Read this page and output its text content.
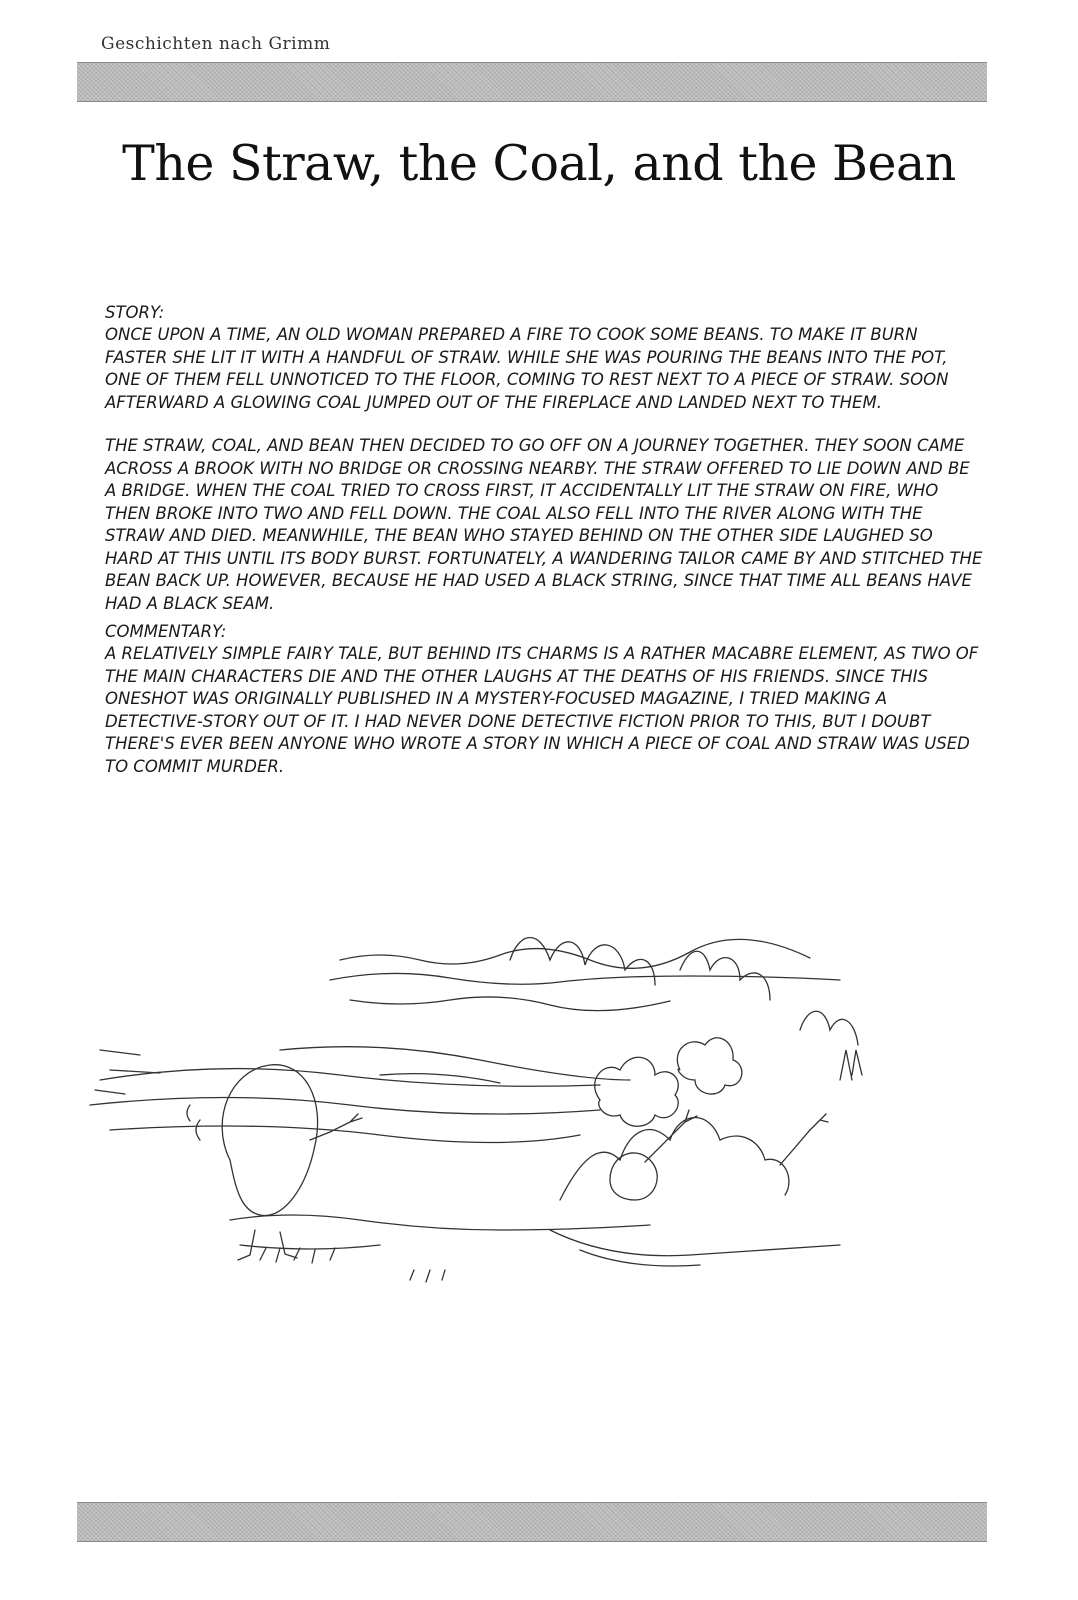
Geschichten nach Grimm
The Straw, the Coal, and the Bean

STORY:

ONCE UPON A TIME, AN OLD WOMAN PREPARED A FIRE TO COOK SOME BEANS. TO MAKE IT BURN FASTER SHE LIT IT WITH A HANDFUL OF STRAW. WHILE SHE WAS POURING THE BEANS INTO THE POT, ONE OF THEM FELL UNNOTICED TO THE FLOOR, COMING TO REST NEXT TO A PIECE OF STRAW. SOON AFTERWARD A GLOWING COAL JUMPED OUT OF THE FIREPLACE AND LANDED NEXT TO THEM.

THE STRAW, COAL, AND BEAN THEN DECIDED TO GO OFF ON A JOURNEY TOGETHER. THEY SOON CAME ACROSS A BROOK WITH NO BRIDGE OR CROSSING NEARBY. THE STRAW OFFERED TO LIE DOWN AND BE A BRIDGE. WHEN THE COAL TRIED TO CROSS FIRST, IT ACCIDENTALLY LIT THE STRAW ON FIRE, WHO THEN BROKE INTO TWO AND FELL DOWN. THE COAL ALSO FELL INTO THE RIVER ALONG WITH THE STRAW AND DIED. MEANWHILE, THE BEAN WHO STAYED BEHIND ON THE OTHER SIDE LAUGHED SO HARD AT THIS UNTIL ITS BODY BURST. FORTUNATELY, A WANDERING TAILOR CAME BY AND STITCHED THE BEAN BACK UP. HOWEVER, BECAUSE HE HAD USED A BLACK STRING, SINCE THAT TIME ALL BEANS HAVE HAD A BLACK SEAM.

COMMENTARY:

A RELATIVELY SIMPLE FAIRY TALE, BUT BEHIND ITS CHARMS IS A RATHER MACABRE ELEMENT, AS TWO OF THE MAIN CHARACTERS DIE AND THE OTHER LAUGHS AT THE DEATHS OF HIS FRIENDS. SINCE THIS ONESHOT WAS ORIGINALLY PUBLISHED IN A MYSTERY-FOCUSED MAGAZINE, I TRIED MAKING A DETECTIVE-STORY OUT OF IT. I HAD NEVER DONE DETECTIVE FICTION PRIOR TO THIS, BUT I DOUBT THERE'S EVER BEEN ANYONE WHO WROTE A STORY IN WHICH A PIECE OF COAL AND STRAW WAS USED TO COMMIT MURDER.
